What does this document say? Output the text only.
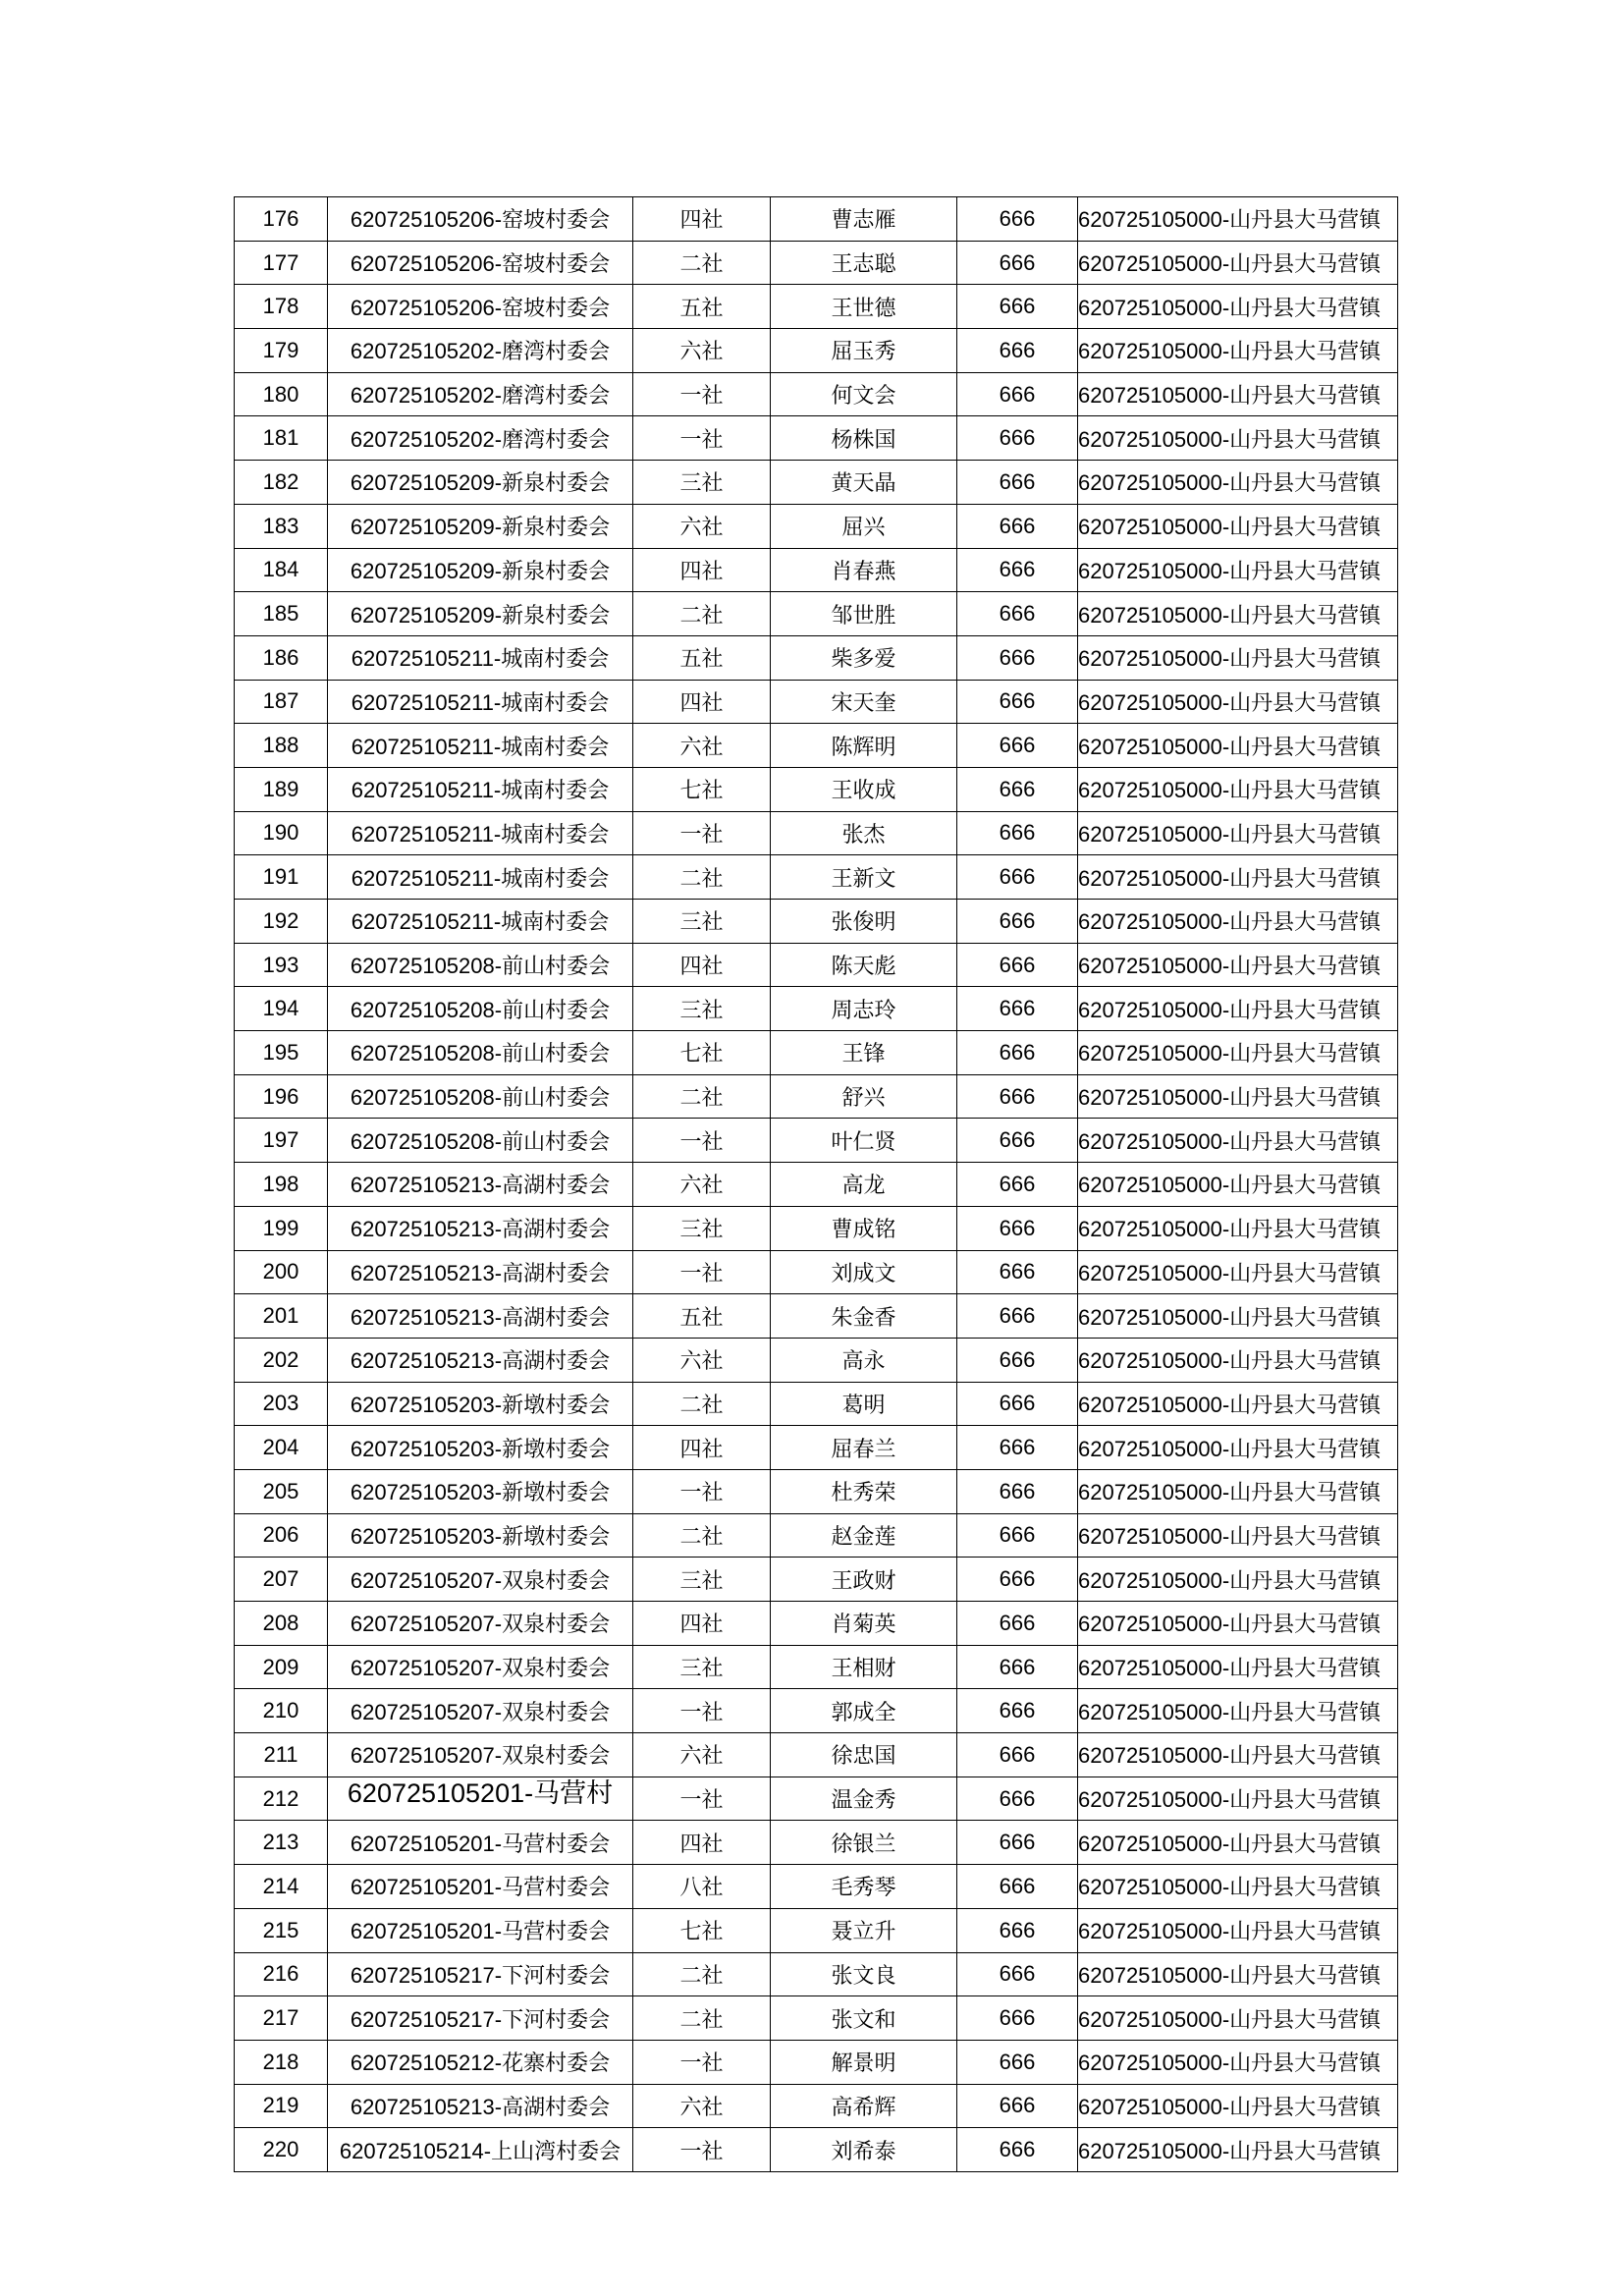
176	620725105206-窑坡村委会	四社	曹志雁	666	620725105000-山丹县大马营镇
177	620725105206-窑坡村委会	二社	王志聪	666	620725105000-山丹县大马营镇
178	620725105206-窑坡村委会	五社	王世德	666	620725105000-山丹县大马营镇
179	620725105202-磨湾村委会	六社	屈玉秀	666	620725105000-山丹县大马营镇
180	620725105202-磨湾村委会	一社	何文会	666	620725105000-山丹县大马营镇
181	620725105202-磨湾村委会	一社	杨株国	666	620725105000-山丹县大马营镇
182	620725105209-新泉村委会	三社	黄天晶	666	620725105000-山丹县大马营镇
183	620725105209-新泉村委会	六社	屈兴	666	620725105000-山丹县大马营镇
184	620725105209-新泉村委会	四社	肖春燕	666	620725105000-山丹县大马营镇
185	620725105209-新泉村委会	二社	邹世胜	666	620725105000-山丹县大马营镇
186	620725105211-城南村委会	五社	柴多爱	666	620725105000-山丹县大马营镇
187	620725105211-城南村委会	四社	宋天奎	666	620725105000-山丹县大马营镇
188	620725105211-城南村委会	六社	陈辉明	666	620725105000-山丹县大马营镇
189	620725105211-城南村委会	七社	王收成	666	620725105000-山丹县大马营镇
190	620725105211-城南村委会	一社	张杰	666	620725105000-山丹县大马营镇
191	620725105211-城南村委会	二社	王新文	666	620725105000-山丹县大马营镇
192	620725105211-城南村委会	三社	张俊明	666	620725105000-山丹县大马营镇
193	620725105208-前山村委会	四社	陈天彪	666	620725105000-山丹县大马营镇
194	620725105208-前山村委会	三社	周志玲	666	620725105000-山丹县大马营镇
195	620725105208-前山村委会	七社	王锋	666	620725105000-山丹县大马营镇
196	620725105208-前山村委会	二社	舒兴	666	620725105000-山丹县大马营镇
197	620725105208-前山村委会	一社	叶仁贤	666	620725105000-山丹县大马营镇
198	620725105213-高湖村委会	六社	高龙	666	620725105000-山丹县大马营镇
199	620725105213-高湖村委会	三社	曹成铭	666	620725105000-山丹县大马营镇
200	620725105213-高湖村委会	一社	刘成文	666	620725105000-山丹县大马营镇
201	620725105213-高湖村委会	五社	朱金香	666	620725105000-山丹县大马营镇
202	620725105213-高湖村委会	六社	高永	666	620725105000-山丹县大马营镇
203	620725105203-新墩村委会	二社	葛明	666	620725105000-山丹县大马营镇
204	620725105203-新墩村委会	四社	屈春兰	666	620725105000-山丹县大马营镇
205	620725105203-新墩村委会	一社	杜秀荣	666	620725105000-山丹县大马营镇
206	620725105203-新墩村委会	二社	赵金莲	666	620725105000-山丹县大马营镇
207	620725105207-双泉村委会	三社	王政财	666	620725105000-山丹县大马营镇
208	620725105207-双泉村委会	四社	肖菊英	666	620725105000-山丹县大马营镇
209	620725105207-双泉村委会	三社	王相财	666	620725105000-山丹县大马营镇
210	620725105207-双泉村委会	一社	郭成全	666	620725105000-山丹县大马营镇
211	620725105207-双泉村委会	六社	徐忠国	666	620725105000-山丹县大马营镇
212	620725105201-马营村	一社	温金秀	666	620725105000-山丹县大马营镇
213	620725105201-马营村委会	四社	徐银兰	666	620725105000-山丹县大马营镇
214	620725105201-马营村委会	八社	毛秀琴	666	620725105000-山丹县大马营镇
215	620725105201-马营村委会	七社	聂立升	666	620725105000-山丹县大马营镇
216	620725105217-下河村委会	二社	张文良	666	620725105000-山丹县大马营镇
217	620725105217-下河村委会	二社	张文和	666	620725105000-山丹县大马营镇
218	620725105212-花寨村委会	一社	解景明	666	620725105000-山丹县大马营镇
219	620725105213-高湖村委会	六社	高希辉	666	620725105000-山丹县大马营镇
220	620725105214-上山湾村委会	一社	刘希泰	666	620725105000-山丹县大马营镇
